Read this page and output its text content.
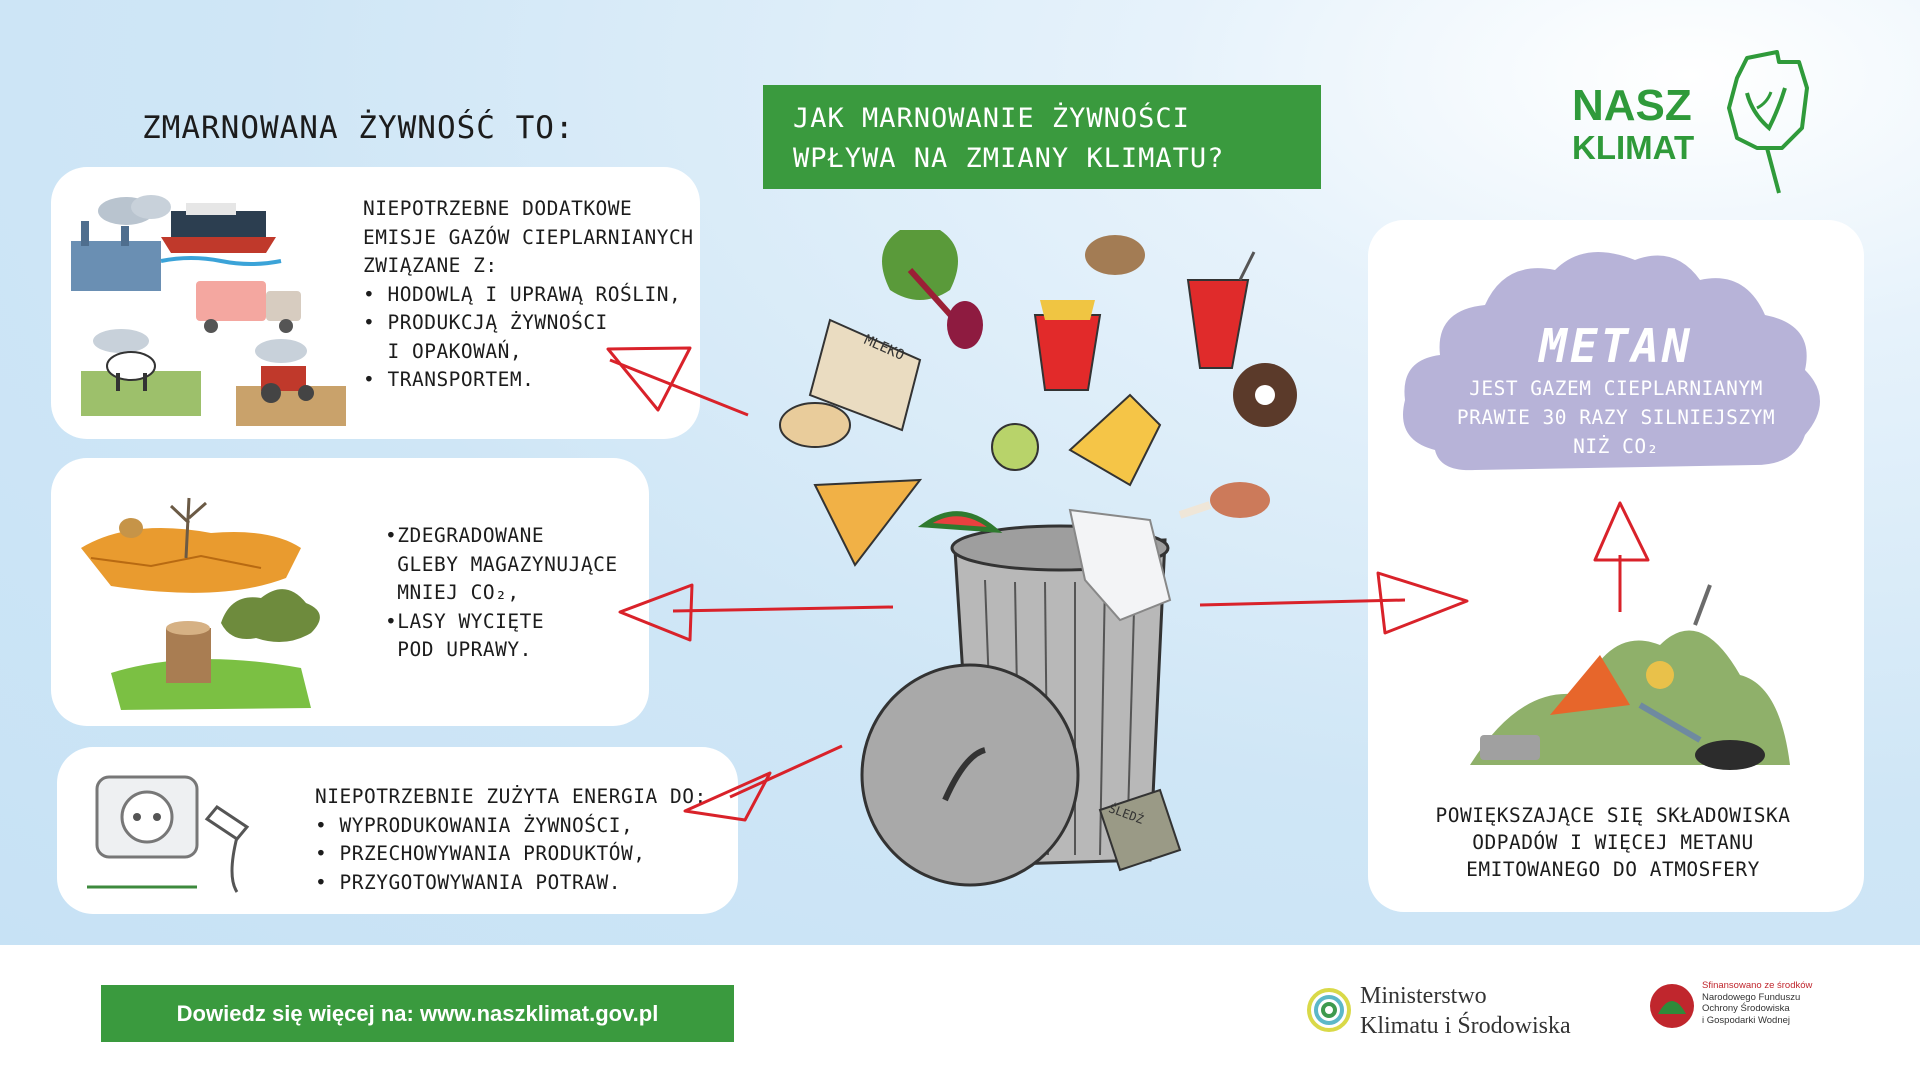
ZMARNOWANA ŻYWNOŚĆ TO:	JAK MARNOWANIE ŻYWNOŚCI
WPŁYWA NA ZMIANY KLIMATU?
NASZ
KLIMAT
NIEPOTRZEBNE DODATKOWE
EMISJE GAZÓW CIEPLARNIANYCH
ZWIĄZANE Z:
• HODOWLĄ I UPRAWĄ ROŚLIN,
• PRODUKCJĄ ŻYWNOŚCI
I OPAKOWAŃ,
• TRANSPORTEM.
•ZDEGRADOWANE
GLEBY MAGAZYNUJĄCE
MNIEJ CO₂,
•LASY WYCIĘTE
POD UPRAWY.
NIEPOTRZEBNIE ZUŻYTA ENERGIA DO:
• WYPRODUKOWANIA ŻYWNOŚCI,
• PRZECHOWYWANIA PRODUKTÓW,
• PRZYGOTOWYWANIA POTRAW.
METAN
JEST GAZEM CIEPLARNIANYM
PRAWIE 30 RAZY SILNIEJSZYM
NIŻ CO₂
POWIĘKSZAJĄCE SIĘ SKŁADOWISKA
ODPADÓW I WIĘCEJ METANU
EMITOWANEGO DO ATMOSFERY
MLEKO
ŚLEDŹ
Dowiedz się więcej na: www.naszklimat.gov.pl
Ministerstwo
Klimatu i Środowiska
Sfinansowano ze środków
Narodowego Funduszu
Ochrony Środowiska
i Gospodarki Wodnej
